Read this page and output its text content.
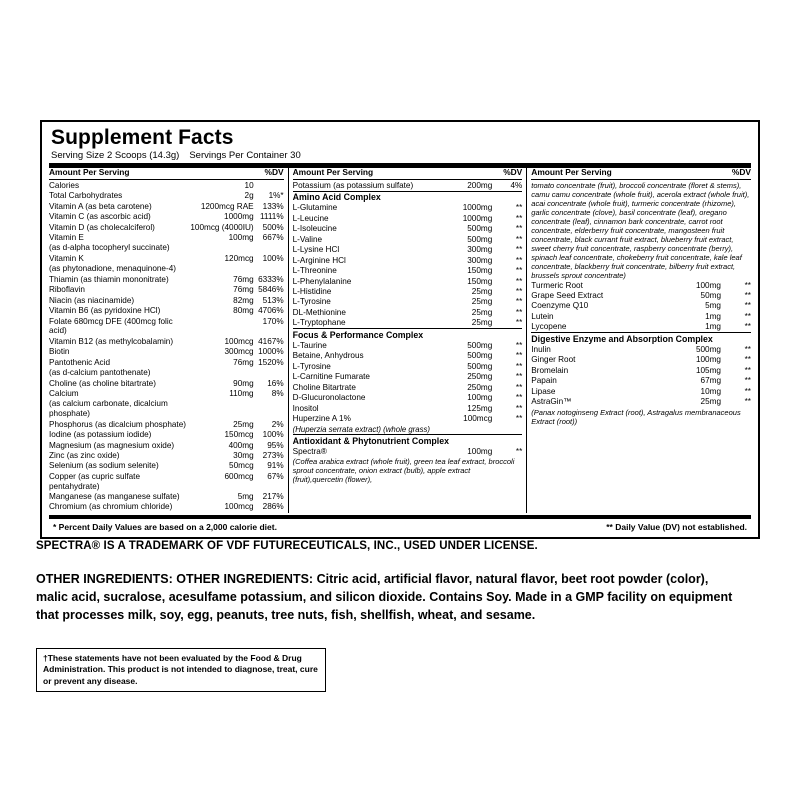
Supplement Facts
Serving Size 2 Scoops (14.3g) Servings Per Container 30
Amount Per Serving		%DV

Calories	10	
Total Carbohydrates	2g	1%*
Vitamin A (as beta carotene)	1200mcg RAE	133%
Vitamin C (as ascorbic acid)	1000mg	1111%
Vitamin D (as cholecalciferol)	100mcg (4000IU)	500%
Vitamin E	100mg	667%
(as d-alpha tocopheryl succinate)		
Vitamin K	120mcg	100%
(as phytonadione, menaquinone-4)		
Thiamin (as thiamin mononitrate)	76mg	6333%
Riboflavin	76mg	5846%
Niacin (as niacinamide)	82mg	513%
Vitamin B6 (as pyridoxine HCl)	80mg	4706%
Folate 680mcg DFE (400mcg folic acid)		170%
Vitamin B12 (as methylcobalamin)	100mcg	4167%
Biotin	300mcg	1000%
Pantothenic Acid	76mg	1520%
(as d-calcium pantothenate)		
Choline (as choline bitartrate)	90mg	16%
Calcium	110mg	8%
(as calcium carbonate, dicalcium phosphate)		
Phosphorus (as dicalcium phosphate)	25mg	2%
Iodine (as potassium iodide)	150mcg	100%
Magnesium (as magnesium oxide)	400mg	95%
Zinc (as zinc oxide)	30mg	273%
Selenium (as sodium selenite)	50mcg	91%
Copper (as cupric sulfate pentahydrate)	600mcg	67%
Manganese (as manganese sulfate)	5mg	217%
Chromium (as chromium chloride)	100mcg	286%
Amount Per Serving		%DV

Potassium (as potassium sulfate)	200mg	4%

Amino Acid Complex		
L-Glutamine	1000mg	**
L-Leucine	1000mg	**
L-Isoleucine	500mg	**
L-Valine	500mg	**
L-Lysine HCl	300mg	**
L-Arginine HCl	300mg	**
L-Threonine	150mg	**
L-Phenylalanine	150mg	**
L-Histidine	25mg	**
L-Tyrosine	25mg	**
DL-Methionine	25mg	**
L-Tryptophane	25mg	**

Focus & Performance Complex		
L-Taurine	500mg	**
Betaine, Anhydrous	500mg	**
L-Tyrosine	500mg	**
L-Carnitine Fumarate	250mg	**
Choline Bitartrate	250mg	**
D-Glucuronolactone	100mg	**
Inositol	125mg	**
Huperzine A 1%	100mcg	**
(Huperzia serrata extract) (whole grass)		

Antioxidant & Phytonutrient Complex		
Spectra®	100mg	**
(Coffea arabica extract (whole fruit), green tea leaf extract, broccoli sprout concentrate, onion extract (bulb), apple extract (fruit),quercetin (flower),		
Amount Per Serving		%DV

tomato concentrate (fruit), broccoli concentrate (floret & stems), camu camu concentrate (whole fruit), acerola extract (whole fruit), acai concentrate (whole fruit), turmeric concentrate (rhizome), garlic concentrate (clove), basil concentrate (leaf), oregano concentrate (leaf), cinnamon bark concentrate, carrot root concentrate, elderberry fruit concentrate, mangosteen fruit concentrate, black currant fruit extract, blueberry fruit extract, sweet cherry fruit concentrate, raspberry concentrate (berry), spinach leaf concentrate, chokeberry fruit concentrate, kale leaf concentrate, blackberry fruit concentrate, bilberry fruit extract, brussels sprout concentrate)		
Turmeric Root	100mg	**
Grape Seed Extract	50mg	**
Coenzyme Q10	5mg	**
Lutein	1mg	**
Lycopene	1mg	**

Digestive Enzyme and Absorption Complex		
Inulin	500mg	**
Ginger Root	100mg	**
Bromelain	105mg	**
Papain	67mg	**
Lipase	10mg	**
AstraGin™	25mg	**
(Panax notoginseng Extract (root), Astragalus membranaceous Extract (root))		
* Percent Daily Values are based on a 2,000 calorie diet.	** Daily Value (DV) not established.
SPECTRA® IS A TRADEMARK OF VDF FUTURECEUTICALS, INC., USED UNDER LICENSE.
OTHER INGREDIENTS: OTHER INGREDIENTS: Citric acid, artificial flavor, natural flavor, beet root powder (color), malic acid, sucralose, acesulfame potassium, and silicon dioxide. Contains Soy. Made in a GMP facility on equipment that processes milk, soy, egg, peanuts, tree nuts, fish, shellfish, wheat, and sesame.
†These statements have not been evaluated by the Food & Drug Administration. This product is not intended to diagnose, treat, cure or prevent any disease.
